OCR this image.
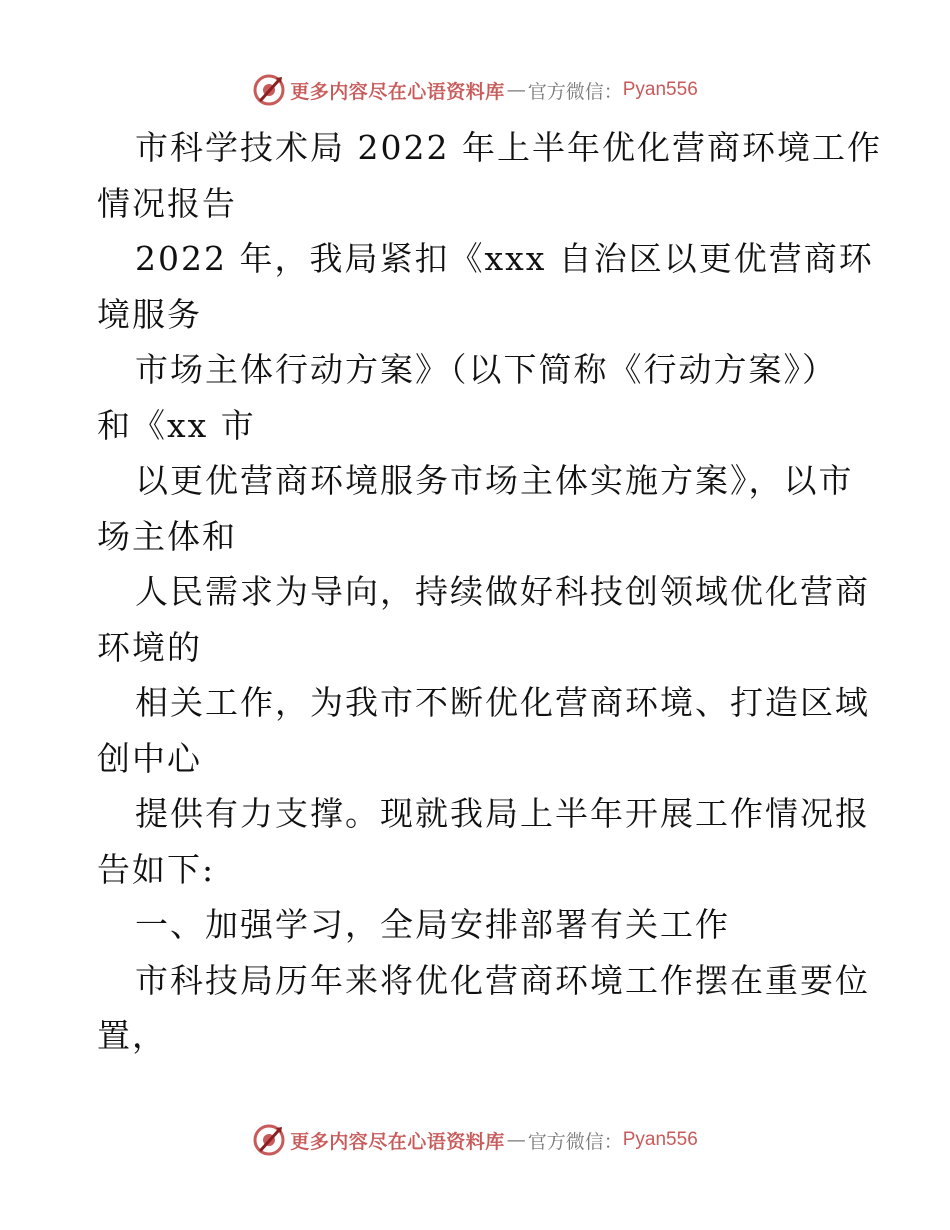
更多内容尽在心语资料库 — 官方微信： Pyan556
市科学技术局 2022 年上半年优化营商环境工作
情况报告
2022 年，我局紧扣《xxx 自治区以更优营商环
境服务
市场主体行动方案》（以下简称《行动方案》）
和《xx 市
以更优营商环境服务市场主体实施方案》，以市
场主体和
人民需求为导向，持续做好科技创领域优化营商
环境的
相关工作，为我市不断优化营商环境、打造区域
创中心
提供有力支撑。现就我局上半年开展工作情况报
告如下:
一、加强学习，全局安排部署有关工作
市科技局历年来将优化营商环境工作摆在重要位
置，
更多内容尽在心语资料库 — 官方微信： Pyan556
